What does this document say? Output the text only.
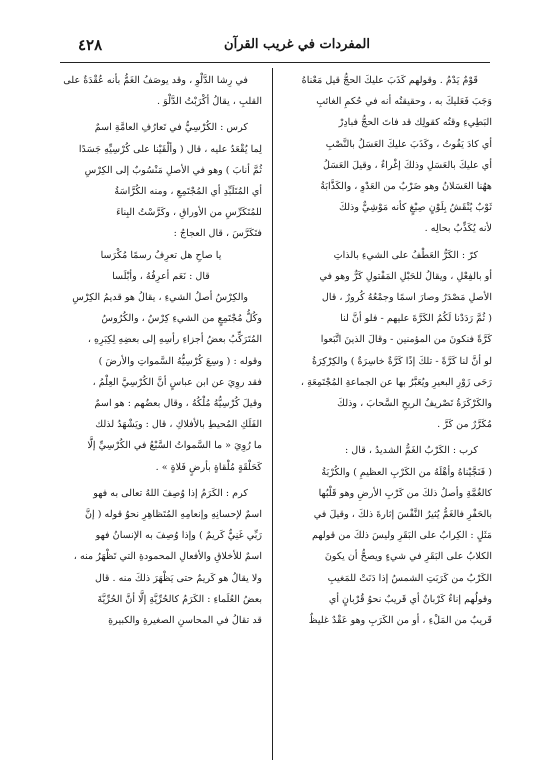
٤٢٨	المفردات في غريب القرآن

قَوْمٌ يَدْمُ . وقولهم كَذَبَ عليكَ الحجُّ قيل مَعْناهُ
وَجَبَ فَعَليكَ به ، وحقيقتُه أنه في حُكمِ الغائبِ
البَطِيءِ وقتُه كقولِك قد فاتَ الحجُّ فبادِرْ
أي كادَ يَفُوتُ ، وكَذَبَ عليكَ العَسَلُ بالنَّصْبِ
أي عليكَ بالعَسَلِ وذلكَ إغْراءٌ ، وقيلَ العَسَلُ
ههُنا العَسَلانُ وهو ضَرْبٌ من العَدْوِ ، والكَذَّابَةُ
ثَوْبٌ يُنْقَشُ بِلَوْنٍ صِبْغٍ كأنه مَوْشِيٌّ وذلكَ
لأنه يُكَذِّبُ بحالِه .

كرّ : الكَرُّ العَطْفُ على الشيءِ بالذاتِ
أو بالفِعْلِ ، ويقالُ للحَبْلِ المَفْتولِ كَرٌّ وهو في
الأصلِ مَصْدَرٌ وصارَ اسمًا وجمْعُهُ كُرورٌ ، قال
( ثُمَّ رَدَدْنا لَكُمُ الكَرَّةَ عليهم - فلو أنَّ لنا
كَرَّةً فنكونَ من المؤمنين - وقالَ الذينَ اتَّبَعوا
لو أنَّ لنا كَرَّةً - تلكَ إذًا كَرَّةٌ خاسِرَةٌ ) والكِرْكِرَةُ
رَحَى زَوْرِ البعيرِ ويُعَبَّرُ بها عن الجماعةِ المُجْتَمِعَةِ ،
والكَرْكَرَةُ تَصْريفُ الريحِ السَّحابَ ، وذلكَ
مُكَرَّرٌ من كَرَّ .

كرب : الكَرْبُ الغَمُّ الشديدُ ، قال :
( فَنَجَّيْناهُ وأهْلَهُ من الكَرْبِ العظيمِ ) والكُرْبَةُ
كالغُمَّةِ وأصلُ ذلكَ من كَرْبِ الأرضِ وهو قَلْبُها
بالحَفْرِ فالغَمُّ يُثيرُ النَّفْسَ إثارةَ ذلكَ ، وقيلَ في
مَثَلٍ : الكِرابُ على البَقَرِ وليسَ ذلكَ من قولهم
الكلابُ على البَقَرِ في شيءٍ ويصحُّ أن يكونَ
الكَرْبُ من كَرَبَتِ الشمسُ إذا دَنَتْ للمَغيبِ
وقولُهم إناءٌ كَرْبانٌ أي قَريبٌ نحوُ قُرْبانٍ أي
قَريبٌ من المَلْءِ ، أو من الكَرَبِ وهو عَقْدٌ غليظٌ

في رِشا الدَّلْوِ ، وقد يوصَفُ الغَمُّ بأنه عُقْدَةٌ على
القلبِ ، يقالُ أكْرَبْتُ الدَّلْوَ .

كرس : الكُرْسِيُّ في تَعارُفِ العامَّةِ اسمٌ
لِما يُقْعَدُ عليه ، قال ( وألْقَيْنا على كُرْسِيِّهِ جَسَدًا
ثُمَّ أنابَ ) وهو في الأصلِ مَنْسُوبٌ إلى الكِرْسِ
أي المُتَلَبِّدِ أي المُجْتَمِعِ ، ومنه الكُرَّاسَةُ
للمُتَكَرِّسِ من الأوراقِ ، وكَرَّسْتُ البِناءَ
فتَكَرَّسَ ، قال العجاجُ :

يا صاحِ هل تعرِفُ رسمًا مُكْرَسا
قال : نَعَم أعرِفُهُ ، وأبْلَسا

والكِرْسُ أصلُ الشيءِ ، يقالُ هو قديمُ الكِرْسِ
وكُلُّ مُجْتَمِعٍ من الشيءِ كِرْسٌ ، والكُرُوسُ
المُتَرَكِّبُ بعضُ أجزاءِ رأسِهِ إلى بعضِهِ لِكِبَرِهِ ،
وقوله : ( وسِعَ كُرْسِيُّهُ السَّمواتِ والأرضَ )
فقد روِيَ عن ابن عباسٍ أنَّ الكُرْسِيَّ العِلْمُ ،
وقيلَ كُرْسِيُّهُ مُلْكُهُ ، وقال بعضُهم : هو اسمٌ
الفَلَكِ المُحيطِ بالأفلاكِ ، قال : ويَشْهَدُ لذلك
ما رُوِيَ « ما السَّمواتُ السَّبْعُ في الكُرْسِيِّ إلَّا
كَحَلْقَةٍ مُلْقاةٍ بأرضٍ فَلاةٍ » .

كرم : الكَرَمُ إذا وُصِفَ اللهُ تعالى به فهو
اسمٌ لإحسانِهِ وإنعامِهِ المُتَظاهِرِ نحوُ قوله ( إنَّ
رَبِّي غَنِيٌّ كَريمٌ ) وإذا وُصِفَ به الإنسانُ فهو
اسمٌ للأخلاقِ والأفعالِ المحمودةِ التي تَظْهَرُ منه ،
ولا يقالُ هو كَريمٌ حتى يَظْهَرَ ذلكَ منه . قال
بعضُ العُلَماءِ : الكَرَمُ كالحُرِّيَّةِ إلَّا أنَّ الحُرِّيَّةَ
قد تقالُ في المحاسنِ الصغيرةِ والكبيرةِ
